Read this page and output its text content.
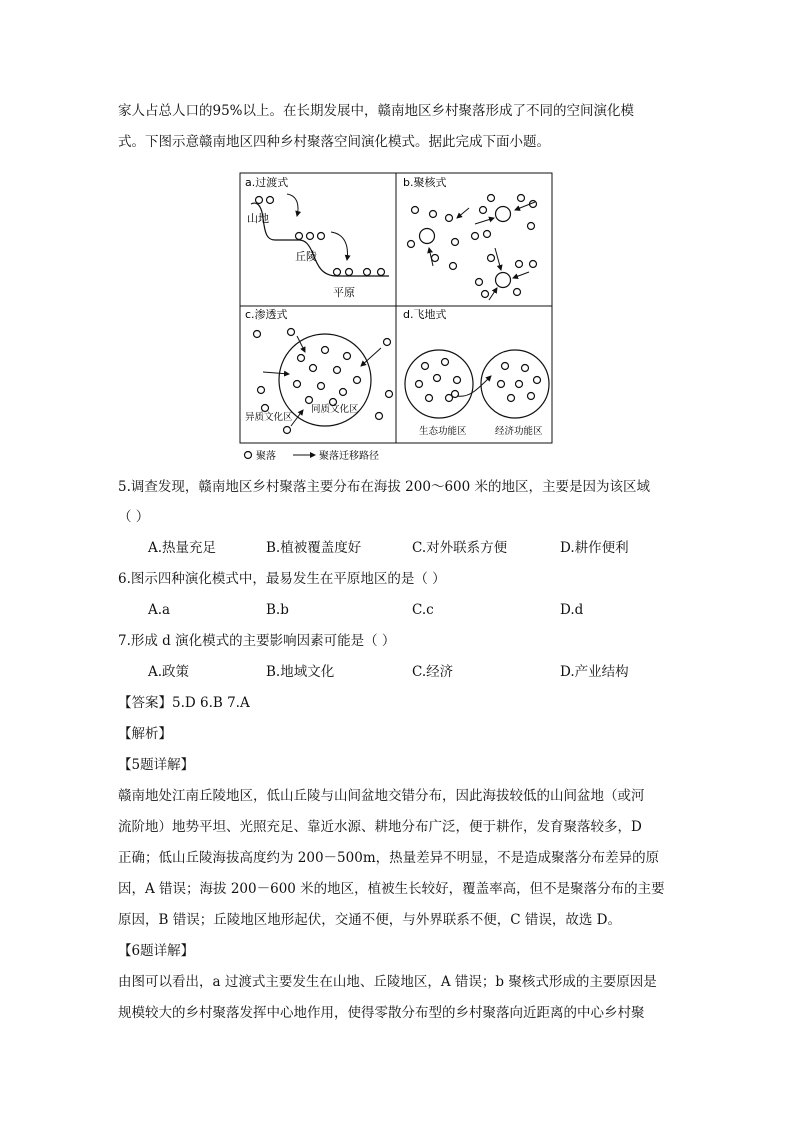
家人占总人口的95%以上。在长期发展中，赣南地区乡村聚落形成了不同的空间演化模
式。下图示意赣南地区四种乡村聚落空间演化模式。据此完成下面小题。
a.过渡式
山地
丘陵
平原
b.聚核式
c.渗透式
异质文化区
同质文化区
d.飞地式
生态功能区	经济功能区
聚落	聚落迁移路径
5.调查发现，赣南地区乡村聚落主要分布在海拔 200～600 米的地区，主要是因为该区域
（ ）
A.热量充足	B.植被覆盖度好	C.对外联系方便	D.耕作便利
6.图示四种演化模式中，最易发生在平原地区的是（ ）
A.a	B.b	C.c	D.d
7.形成 d 演化模式的主要影响因素可能是（ ）
A.政策	B.地域文化	C.经济	D.产业结构
【答案】5.D 6.B 7.A
【解析】
【5题详解】
赣南地处江南丘陵地区，低山丘陵与山间盆地交错分布，因此海拔较低的山间盆地（或河
流阶地）地势平坦、光照充足、靠近水源、耕地分布广泛，便于耕作，发育聚落较多，D
正确；低山丘陵海拔高度约为 200－500m，热量差异不明显，不是造成聚落分布差异的原
因，A 错误；海拔 200－600 米的地区，植被生长较好，覆盖率高，但不是聚落分布的主要
原因，B 错误；丘陵地区地形起伏，交通不便，与外界联系不便，C 错误，故选 D。
【6题详解】
由图可以看出，a 过渡式主要发生在山地、丘陵地区，A 错误；b 聚核式形成的主要原因是
规模较大的乡村聚落发挥中心地作用，使得零散分布型的乡村聚落向近距离的中心乡村聚
